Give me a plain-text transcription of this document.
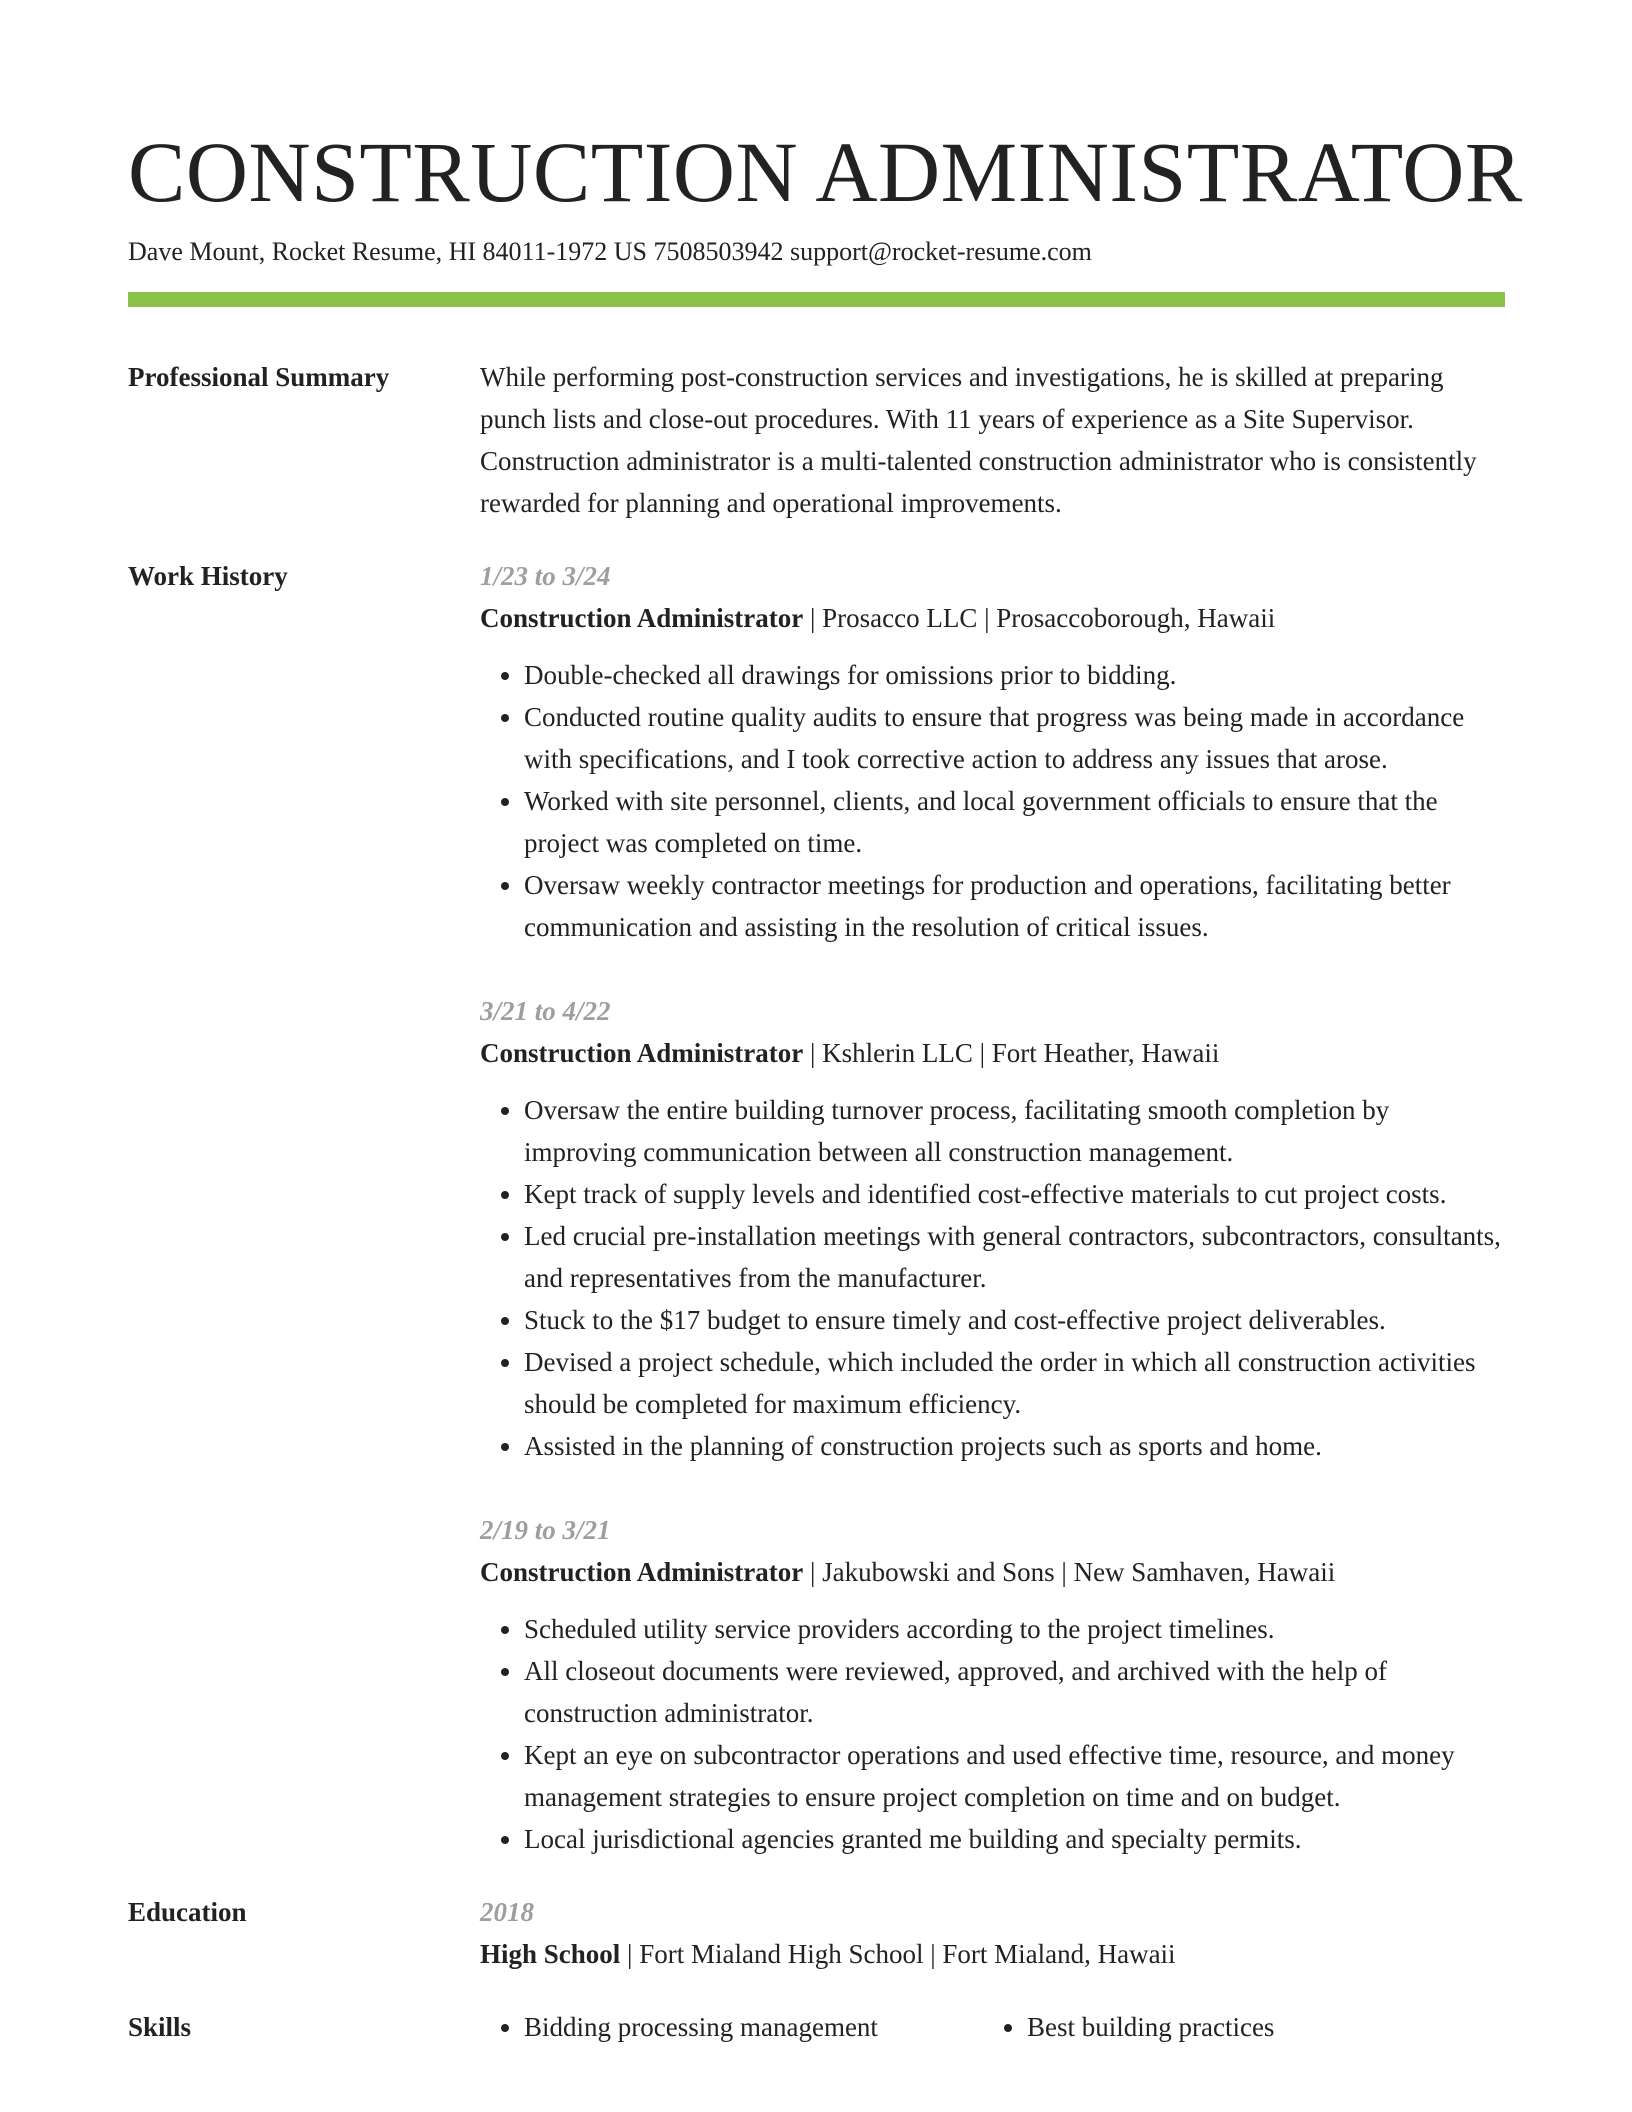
CONSTRUCTION ADMINISTRATOR
Dave Mount, Rocket Resume, HI 84011-1972 US 7508503942 support@rocket-resume.com
Professional Summary	While performing post-construction services and investigations, he is skilled at preparing punch lists and close-out procedures. With 11 years of experience as a Site Supervisor. Construction administrator is a multi-talented construction administrator who is consistently rewarded for planning and operational improvements.

Work History	1/23 to 3/24
Construction Administrator | Prosacco LLC | Prosaccoborough, Hawaii
• Double-checked all drawings for omissions prior to bidding.
• Conducted routine quality audits to ensure that progress was being made in accordance with specifications, and I took corrective action to address any issues that arose.
• Worked with site personnel, clients, and local government officials to ensure that the project was completed on time.
• Oversaw weekly contractor meetings for production and operations, facilitating better communication and assisting in the resolution of critical issues.
3/21 to 4/22
Construction Administrator | Kshlerin LLC | Fort Heather, Hawaii
• Oversaw the entire building turnover process, facilitating smooth completion by improving communication between all construction management.
• Kept track of supply levels and identified cost-effective materials to cut project costs.
• Led crucial pre-installation meetings with general contractors, subcontractors, consultants, and representatives from the manufacturer.
• Stuck to the $17 budget to ensure timely and cost-effective project deliverables.
• Devised a project schedule, which included the order in which all construction activities should be completed for maximum efficiency.
• Assisted in the planning of construction projects such as sports and home.
2/19 to 3/21
Construction Administrator | Jakubowski and Sons | New Samhaven, Hawaii
• Scheduled utility service providers according to the project timelines.
• All closeout documents were reviewed, approved, and archived with the help of construction administrator.
• Kept an eye on subcontractor operations and used effective time, resource, and money management strategies to ensure project completion on time and on budget.
• Local jurisdictional agencies granted me building and specialty permits.
Education	2018
High School | Fort Mialand High School | Fort Mialand, Hawaii
Skills	• Bidding processing management	• Best building practices
